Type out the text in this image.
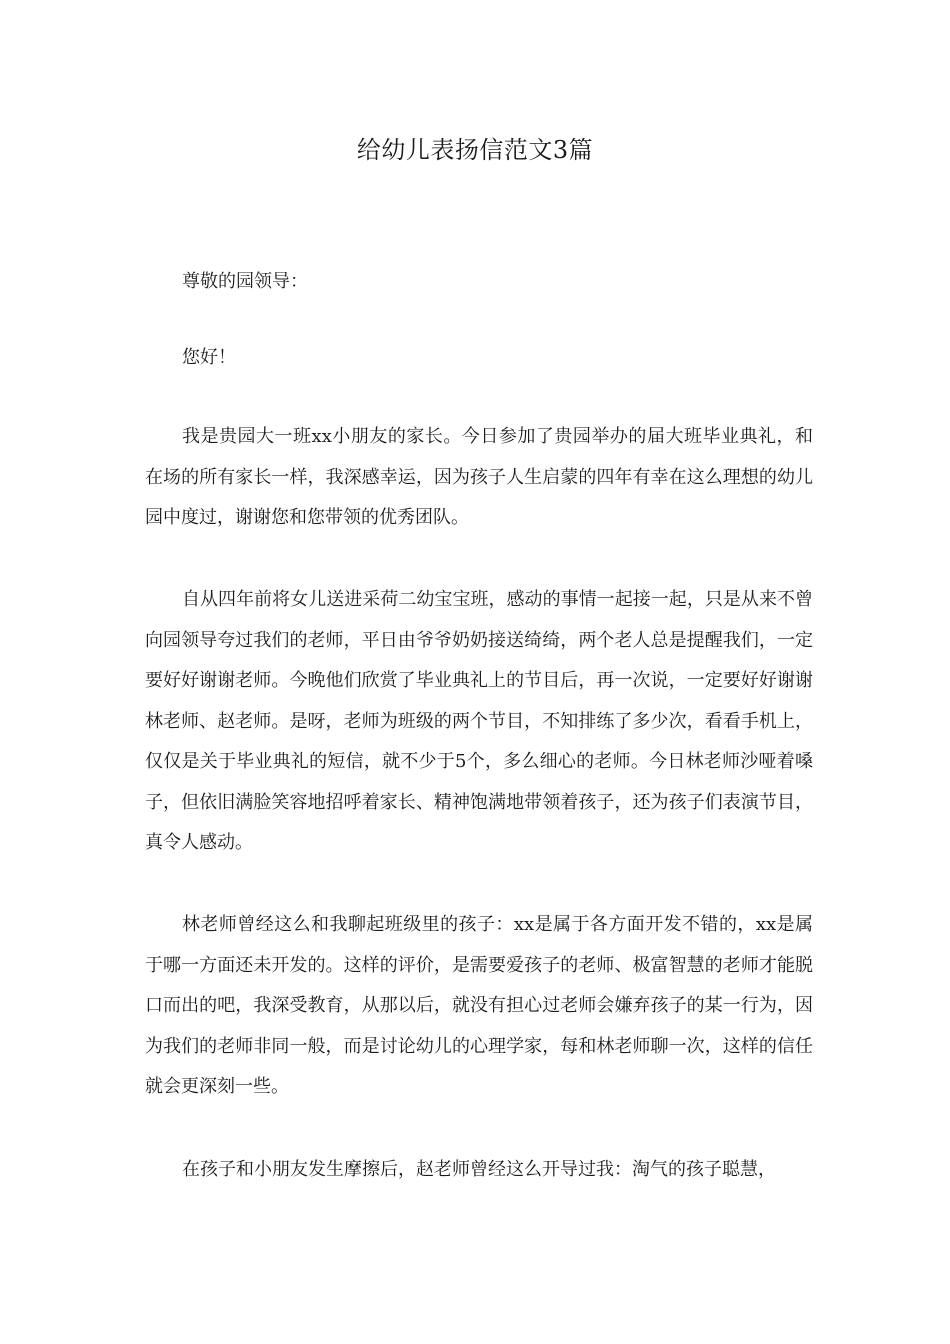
给幼儿表扬信范文3篇

尊敬的园领导：

您好！

我是贵园大一班xx小朋友的家长。今日参加了贵园举办的届大班毕业典礼，和在场的所有家长一样，我深感幸运，因为孩子人生启蒙的四年有幸在这么理想的幼儿园中度过，谢谢您和您带领的优秀团队。

自从四年前将女儿送进采荷二幼宝宝班，感动的事情一起接一起，只是从来不曾向园领导夸过我们的老师，平日由爷爷奶奶接送绮绮，两个老人总是提醒我们，一定要好好谢谢老师。今晚他们欣赏了毕业典礼上的节目后，再一次说，一定要好好谢谢林老师、赵老师。是呀，老师为班级的两个节目，不知排练了多少次，看看手机上，仅仅是关于毕业典礼的短信，就不少于5个，多么细心的老师。今日林老师沙哑着嗓子，但依旧满脸笑容地招呼着家长、精神饱满地带领着孩子，还为孩子们表演节目，真令人感动。

林老师曾经这么和我聊起班级里的孩子：xx是属于各方面开发不错的，xx是属于哪一方面还未开发的。这样的评价，是需要爱孩子的老师、极富智慧的老师才能脱口而出的吧，我深受教育，从那以后，就没有担心过老师会嫌弃孩子的某一行为，因为我们的老师非同一般，而是讨论幼儿的心理学家，每和林老师聊一次，这样的信任就会更深刻一些。

在孩子和小朋友发生摩擦后，赵老师曾经这么开导过我：淘气的孩子聪慧，
